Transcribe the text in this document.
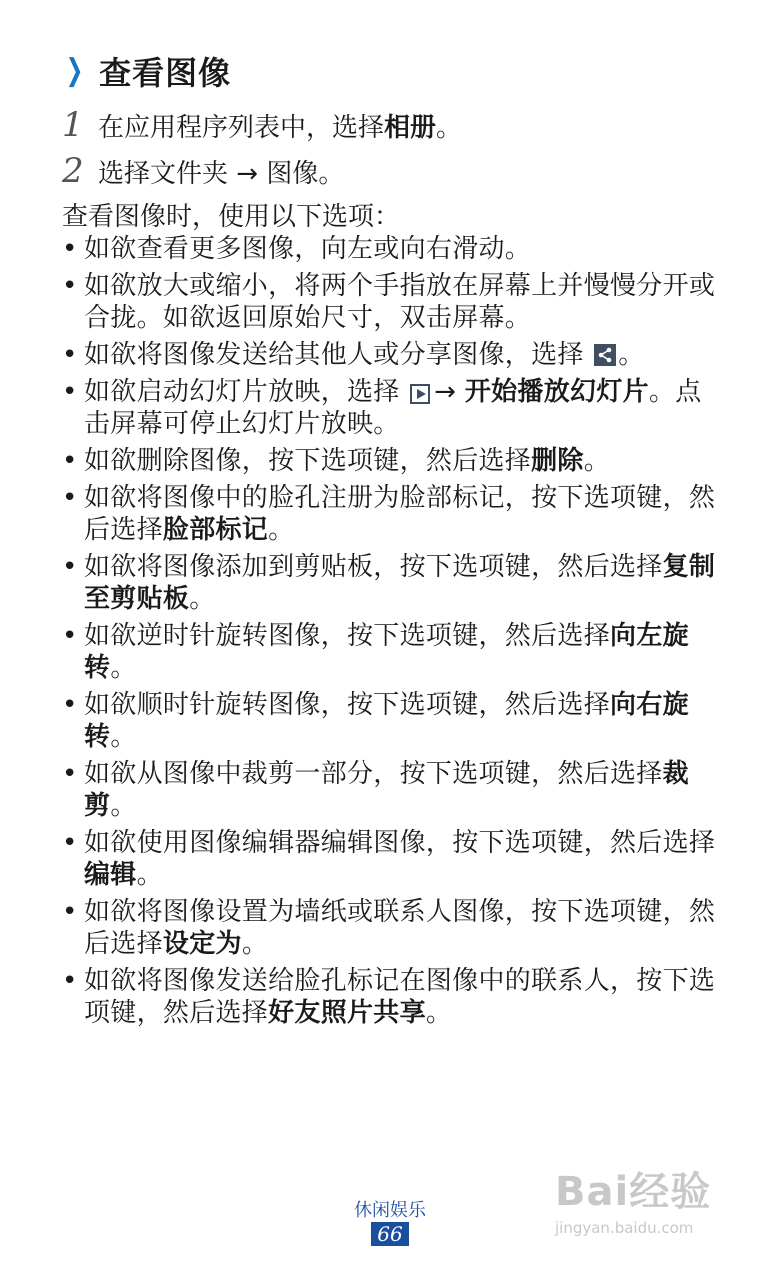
❯ 查看图像
1 在应用程序列表中，选择相册。
2 选择文件夹 → 图像。
查看图像时，使用以下选项：
• 如欲查看更多图像，向左或向右滑动。
• 如欲放大或缩小，将两个手指放在屏幕上并慢慢分开或合拢。如欲返回原始尺寸，双击屏幕。
• 如欲将图像发送给其他人或分享图像，选择
。
• 如欲启动幻灯片放映，选择
→ 开始播放幻灯片。点击屏幕可停止幻灯片放映。
• 如欲删除图像，按下选项键，然后选择删除。
• 如欲将图像中的脸孔注册为脸部标记，按下选项键，然后选择脸部标记。
• 如欲将图像添加到剪贴板，按下选项键，然后选择复制至剪贴板。
• 如欲逆时针旋转图像，按下选项键，然后选择向左旋转。
• 如欲顺时针旋转图像，按下选项键，然后选择向右旋转。
• 如欲从图像中裁剪一部分，按下选项键，然后选择裁剪。
• 如欲使用图像编辑器编辑图像，按下选项键，然后选择编辑。
• 如欲将图像设置为墙纸或联系人图像，按下选项键，然后选择设定为。
• 如欲将图像发送给脸孔标记在图像中的联系人，按下选项键，然后选择好友照片共享。
休闲娱乐
66
Bai经验
jingyan.baidu.com
